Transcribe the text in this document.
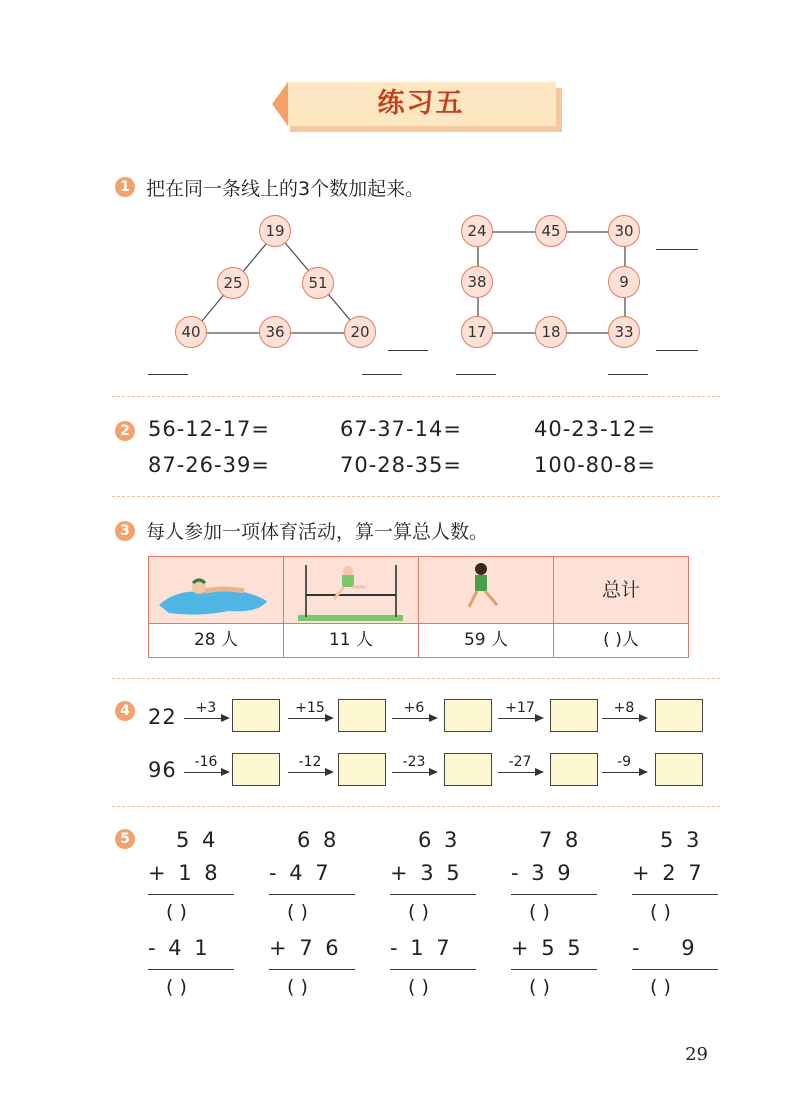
练习五
1 把在同一条线上的3个数加起来。
19
25	51
40	36	20
24	45	30
38	9
17	18	33
2 56-12-17=	67-37-14=	40-23-12=
87-26-39=	70-28-35=	100-80-8=
3 每人参加一项体育活动，算一算总人数。
总计
28 人	11 人	59 人	( )人
4 22
96
+3	+15	+6	+17	+8
-16	-12	-23	-27	-9
5 5 4
+ 1 8
( )
- 4 1
( )
6 8
- 4 7
( )
+ 7 6
( )
6 3
+ 3 5
( )
- 1 7
( )
7 8
- 3 9
( )
+ 5 5
( )
5 3
+ 2 7
( )
-    9
( )
29
